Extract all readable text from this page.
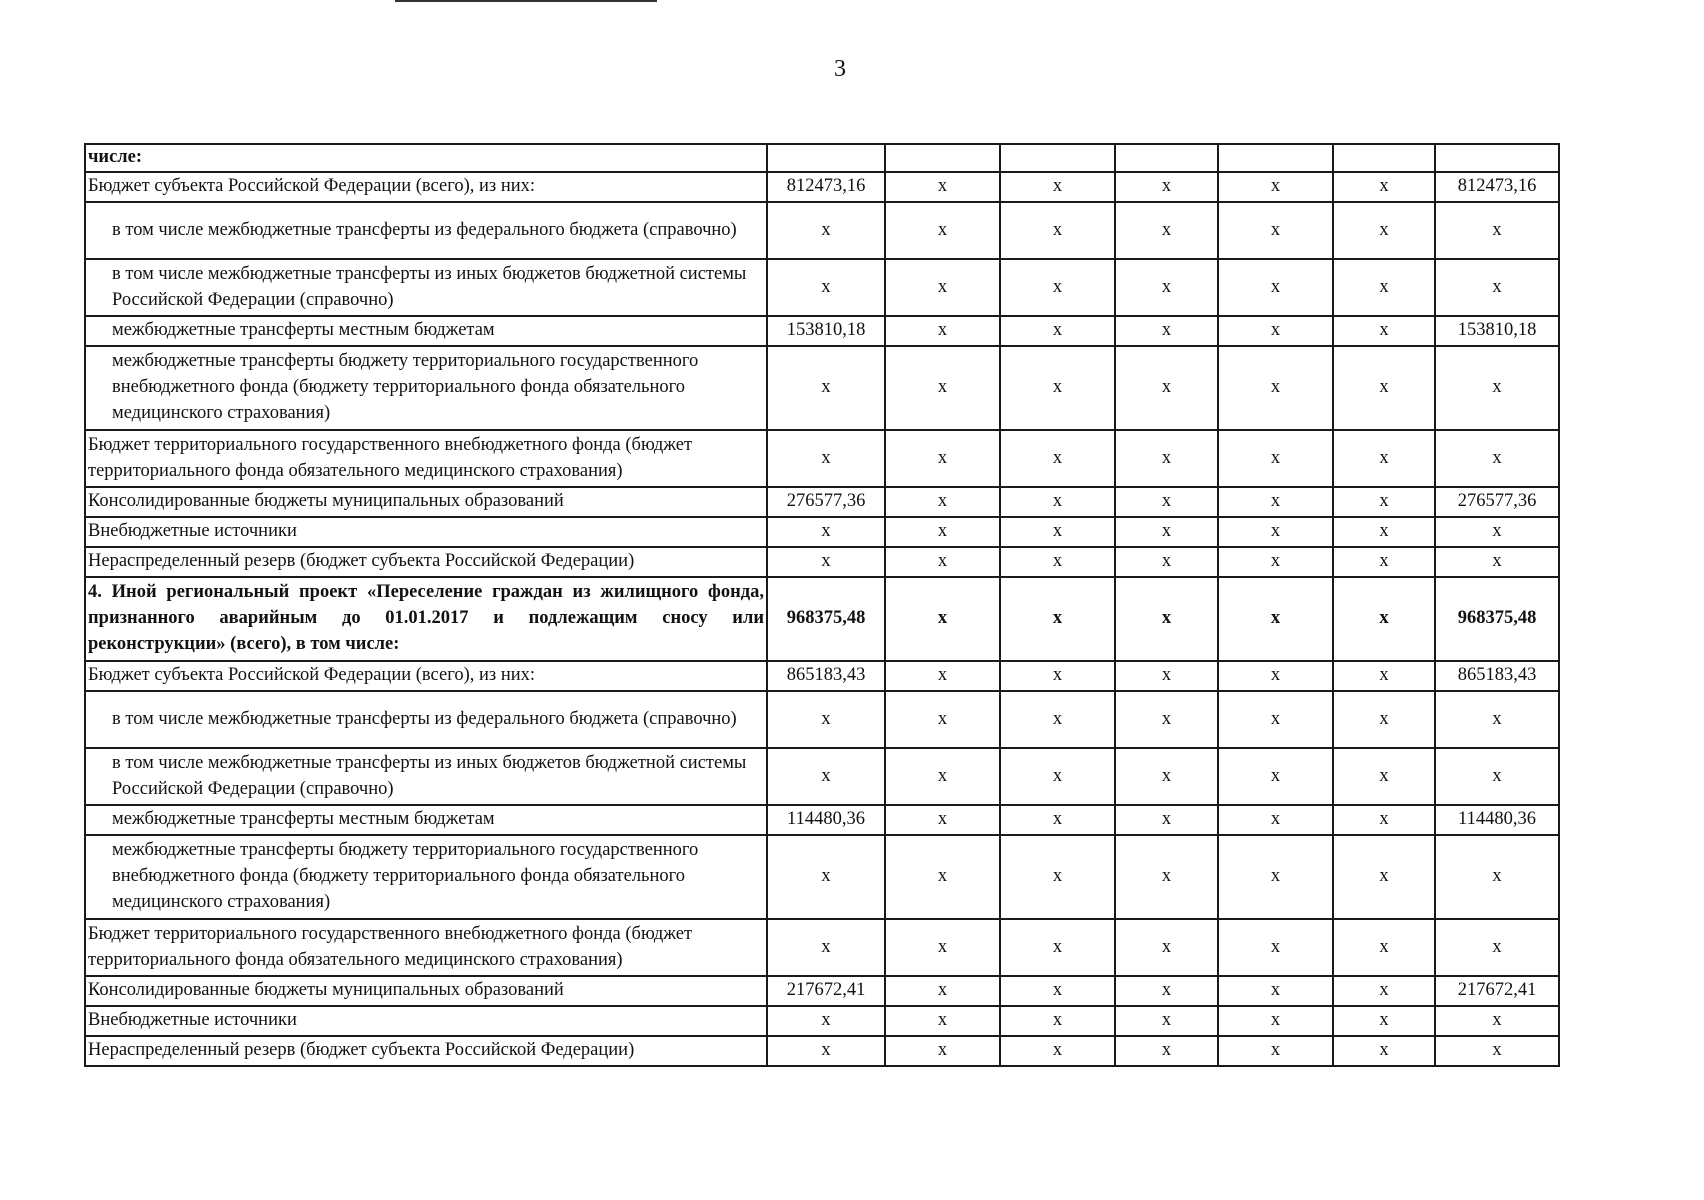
3
числе:							
Бюджет субъекта Российской Федерации (всего), из них:	812473,16	x	x	x	x	x	812473,16
в том числе межбюджетные трансферты из федерального бюджета (справочно)	x	x	x	x	x	x	x
в том числе межбюджетные трансферты из иных бюджетов бюджетной системы Российской Федерации (справочно)	x	x	x	x	x	x	x
межбюджетные трансферты местным бюджетам	153810,18	x	x	x	x	x	153810,18
межбюджетные трансферты бюджету территориального государственного внебюджетного фонда (бюджету территориального фонда обязательного медицинского страхования)	x	x	x	x	x	x	x
Бюджет территориального государственного внебюджетного фонда (бюджет территориального фонда обязательного медицинского страхования)	x	x	x	x	x	x	x
Консолидированные бюджеты муниципальных образований	276577,36	x	x	x	x	x	276577,36
Внебюджетные источники	x	x	x	x	x	x	x
Нераспределенный резерв (бюджет субъекта Российской Федерации)	x	x	x	x	x	x	x
4. Иной региональный проект «Переселение граждан из жилищного фонда, признанного аварийным до 01.01.2017 и подлежащим сносу или реконструкции» (всего), в том числе:	968375,48	x	x	x	x	x	968375,48
Бюджет субъекта Российской Федерации (всего), из них:	865183,43	x	x	x	x	x	865183,43
в том числе межбюджетные трансферты из федерального бюджета (справочно)	x	x	x	x	x	x	x
в том числе межбюджетные трансферты из иных бюджетов бюджетной системы Российской Федерации (справочно)	x	x	x	x	x	x	x
межбюджетные трансферты местным бюджетам	114480,36	x	x	x	x	x	114480,36
межбюджетные трансферты бюджету территориального государственного внебюджетного фонда (бюджету территориального фонда обязательного медицинского страхования)	x	x	x	x	x	x	x
Бюджет территориального государственного внебюджетного фонда (бюджет территориального фонда обязательного медицинского страхования)	x	x	x	x	x	x	x
Консолидированные бюджеты муниципальных образований	217672,41	x	x	x	x	x	217672,41
Внебюджетные источники	x	x	x	x	x	x	x
Нераспределенный резерв (бюджет субъекта Российской Федерации)	x	x	x	x	x	x	x
